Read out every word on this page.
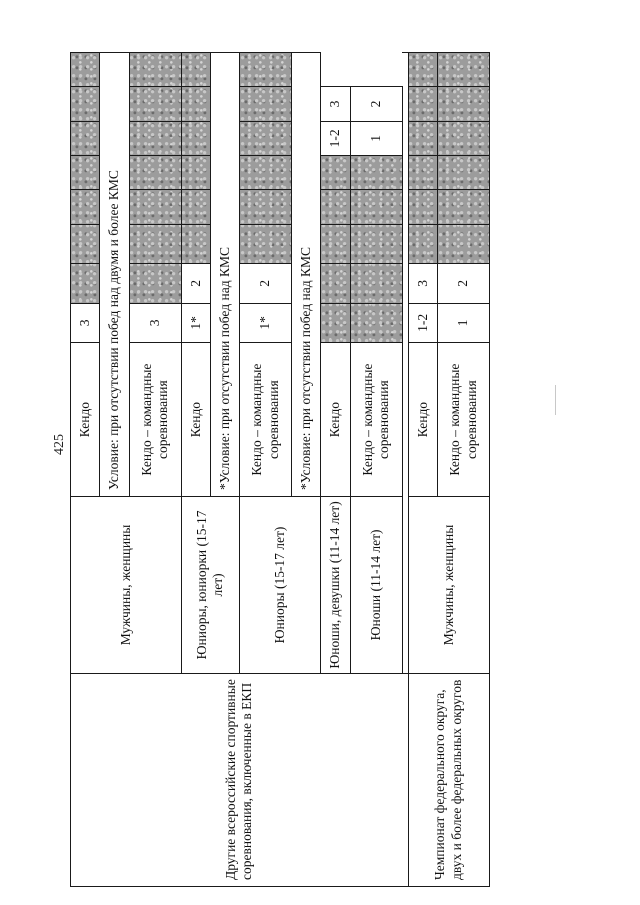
425
Другие всероссийские спортивные соревнования, включенные в ЕКП	Мужчины, женщины	Кендо	3							
		Условие: при отсутствии побед над двумя и более КМС								
		Кендо – командные соревнования	3							
	Юниоры, юниорки (15-17 лет)	Кендо	1*	2						
		*Условие: при отсутствии побед над КМС								
	Юниоры (15-17 лет)	Кендо – командные соревнования	1*	2						
		*Условие: при отсутствии побед над КМС								
	Юноши, девушки (11-14 лет)	Кендо						1-2	3	
	Юноши (11-14 лет)	Кендо – командные соревнования						1	2	

Чемпионат федерального округа, двух и более федеральных округов	Мужчины, женщины	Кендо	1-2	3						
		Кендо – командные соревнования	1	2						
